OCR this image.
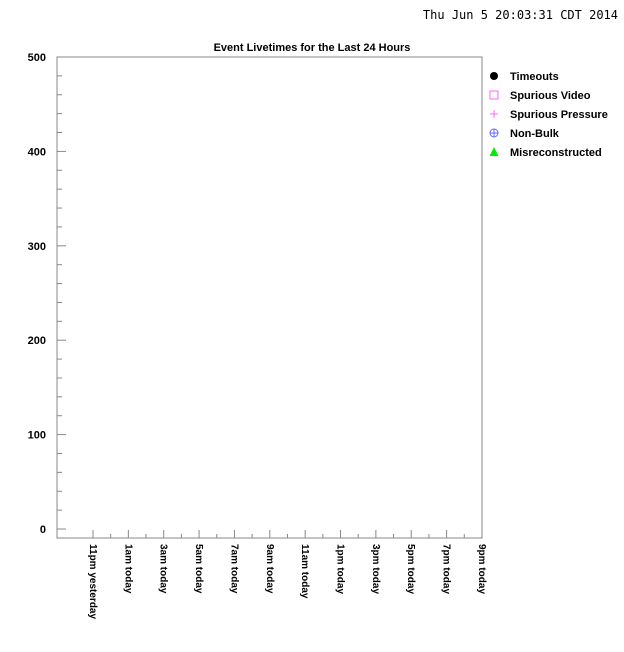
Thu Jun 5 20:03:31 CDT 2014
Event Livetimes for the Last 24 Hours
0
100
200
300
400
500
11pm yesterday 1am today 3am today 5am today 7am today 9am today 11am today 1pm today 3pm today 5pm today 7pm today 9pm today
Timeouts
Spurious Video
Spurious Pressure
Non-Bulk
Misreconstructed
